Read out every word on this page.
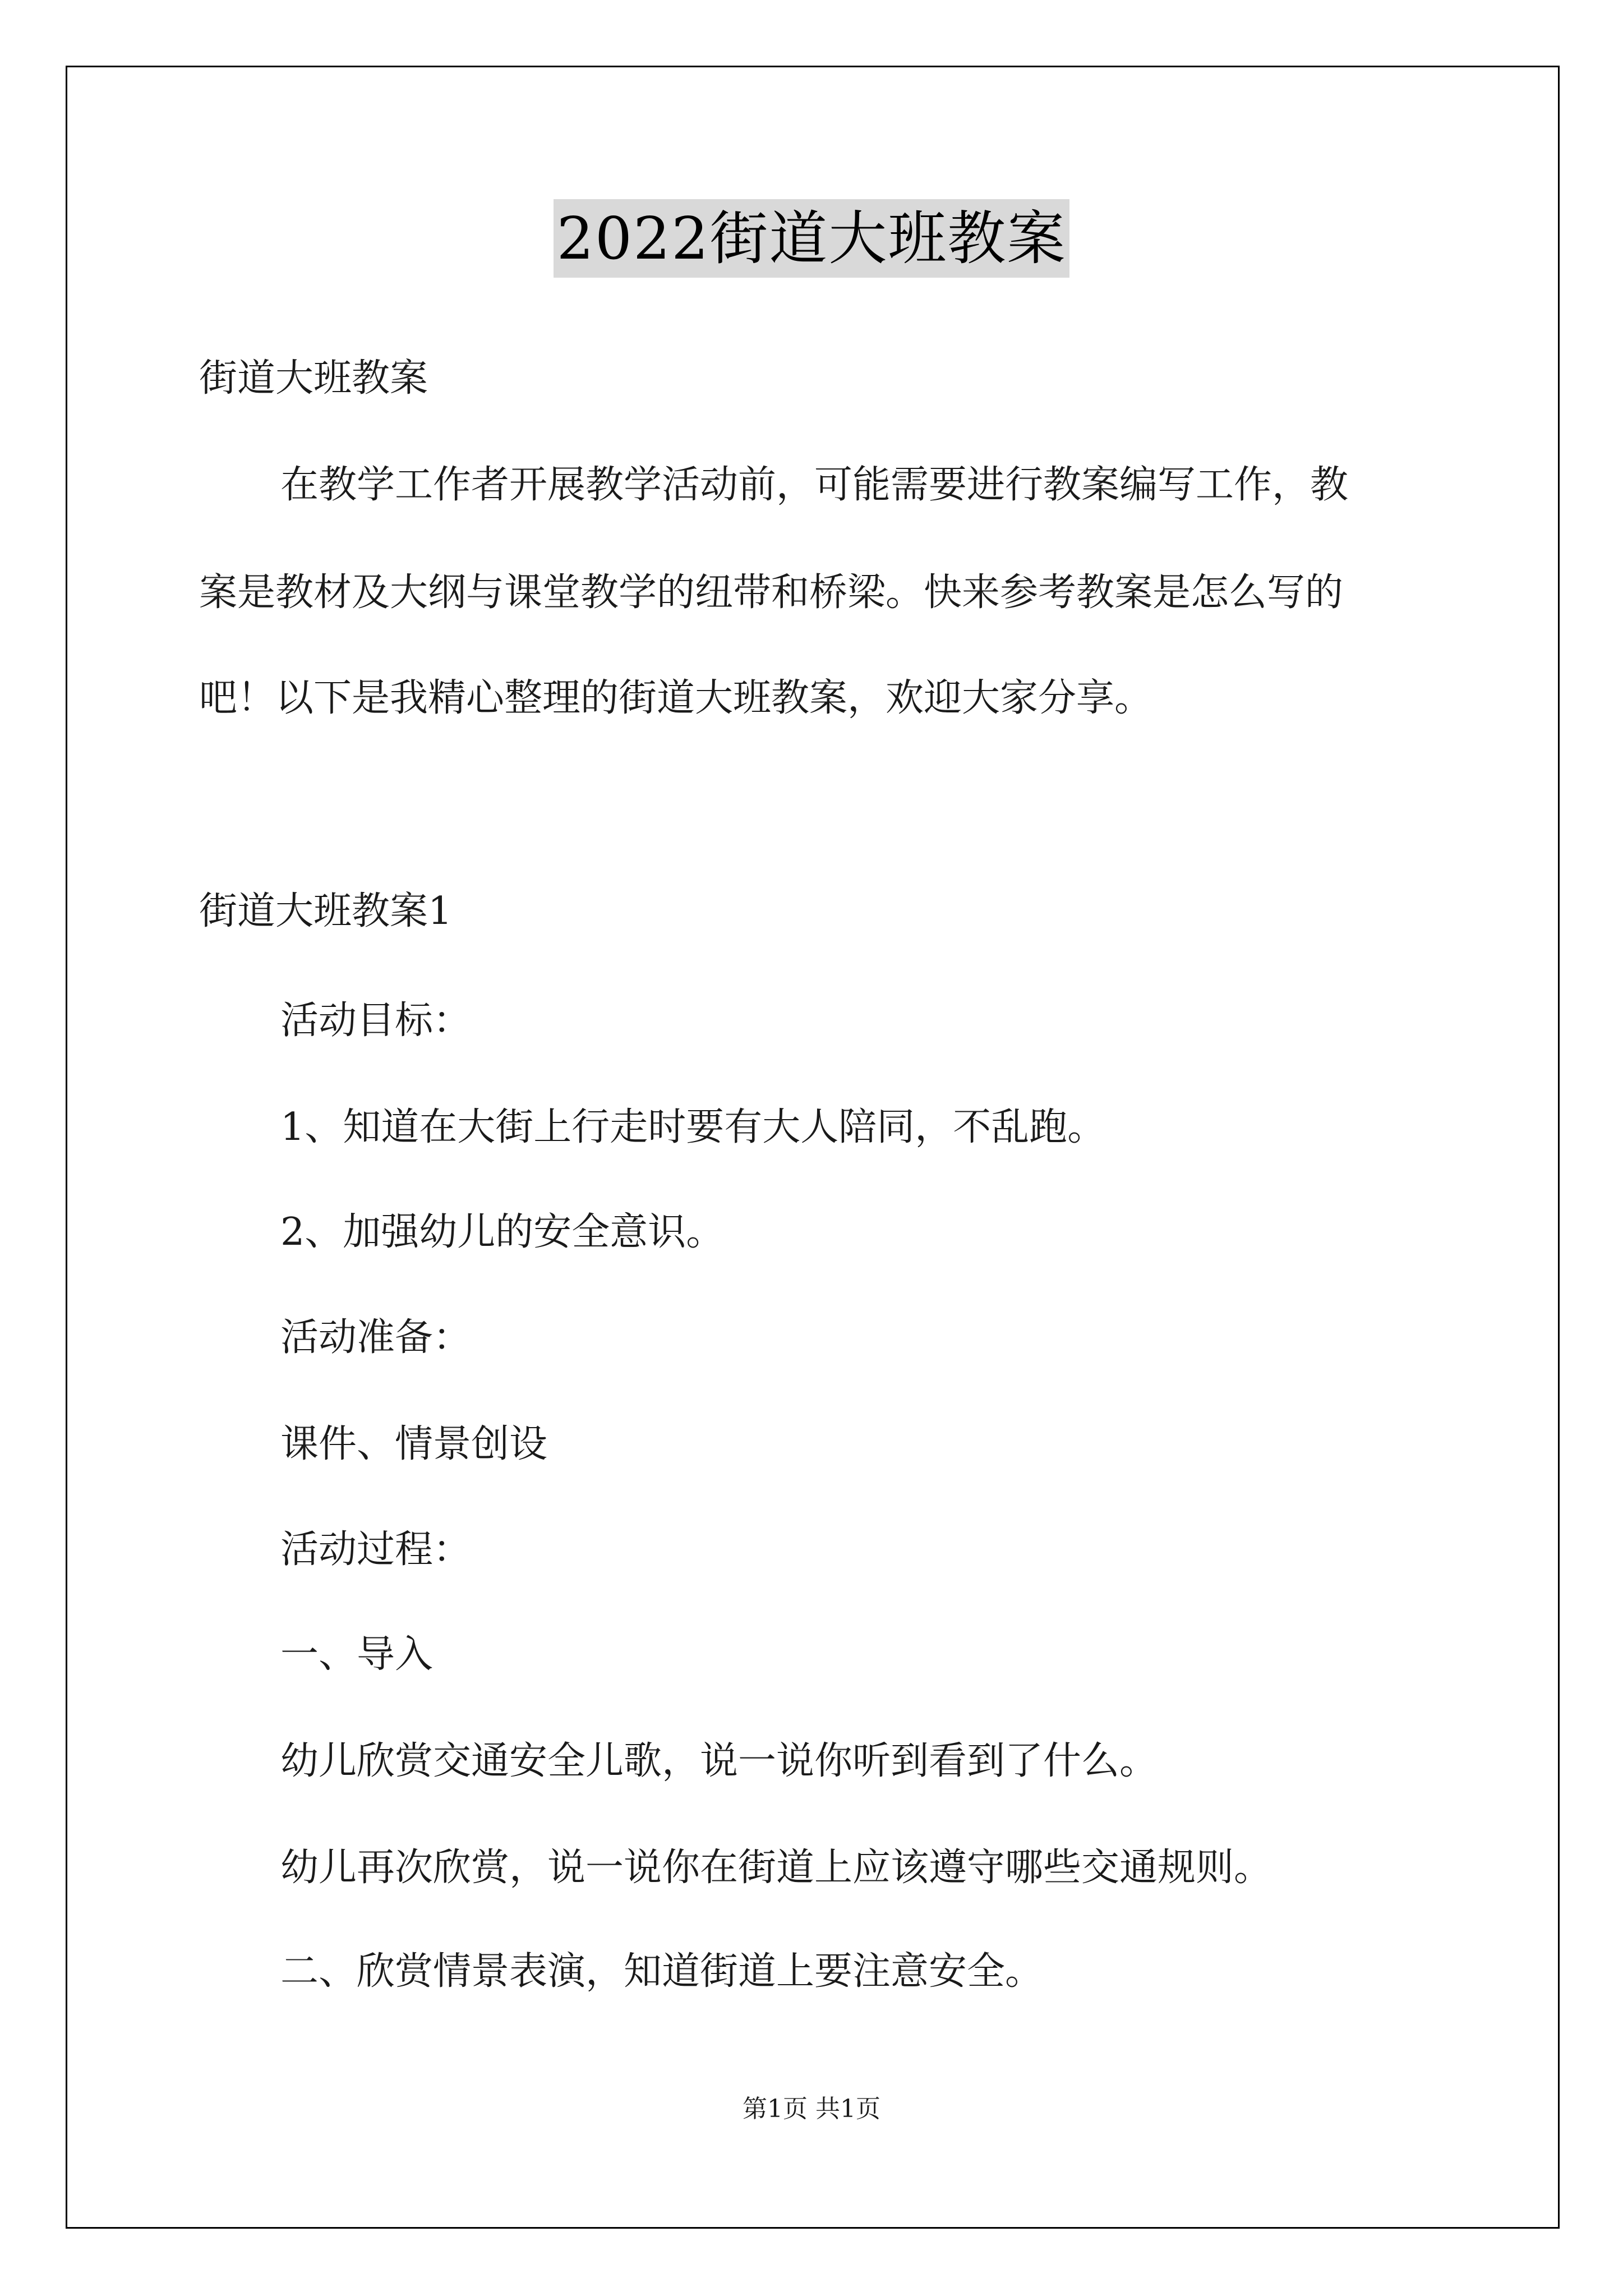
2022街道大班教案
街道大班教案
在教学工作者开展教学活动前，可能需要进行教案编写工作，教
案是教材及大纲与课堂教学的纽带和桥梁。快来参考教案是怎么写的
吧！以下是我精心整理的街道大班教案，欢迎大家分享。
街道大班教案1
活动目标：
1、知道在大街上行走时要有大人陪同，不乱跑。
2、加强幼儿的安全意识。
活动准备：
课件、情景创设
活动过程：
一、导入
幼儿欣赏交通安全儿歌，说一说你听到看到了什么。
幼儿再次欣赏，说一说你在街道上应该遵守哪些交通规则。
二、欣赏情景表演，知道街道上要注意安全。
第1页 共1页
